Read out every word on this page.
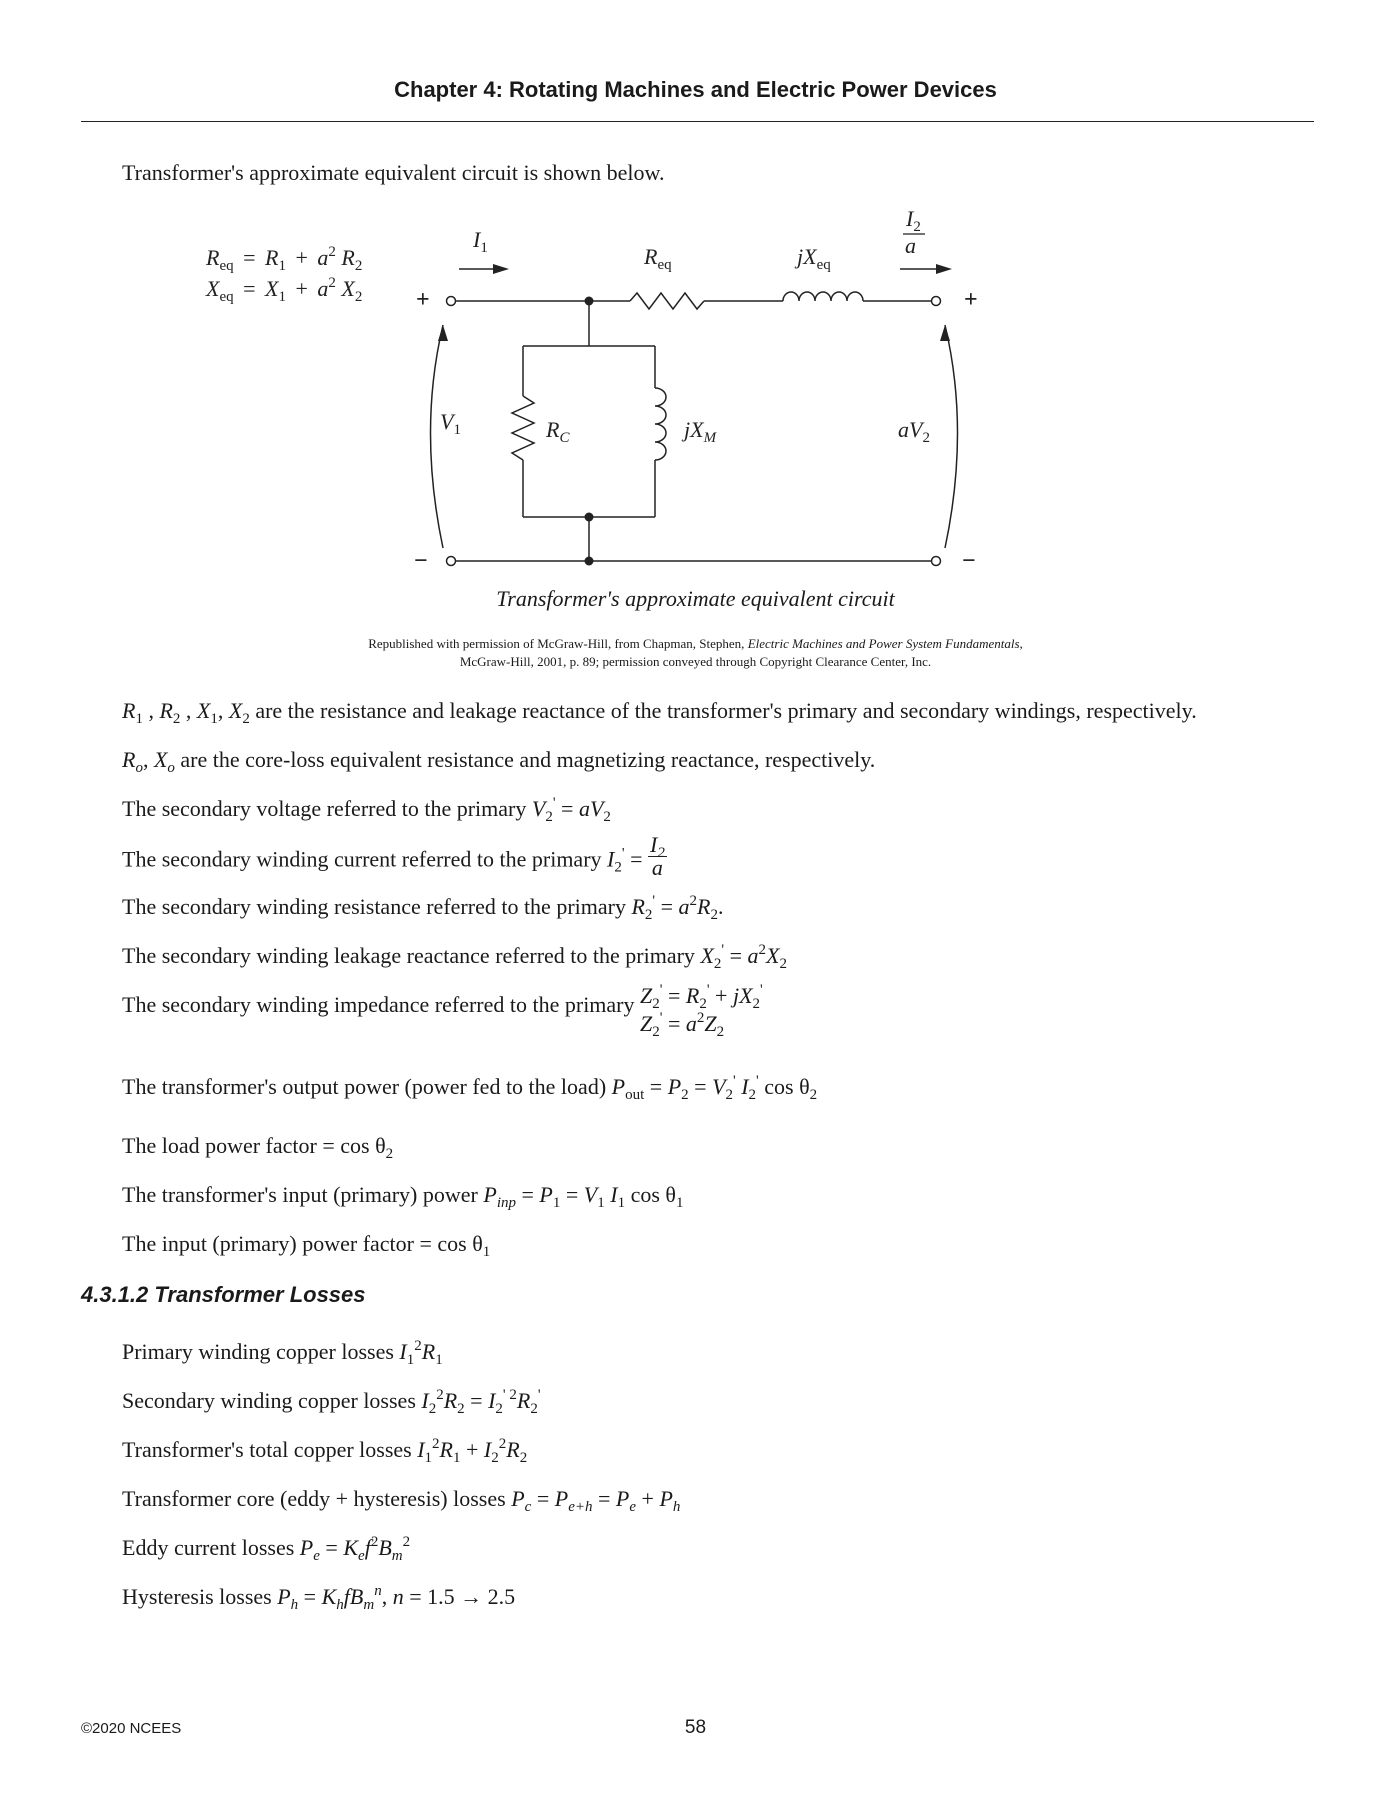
Chapter 4: Rotating Machines and Electric Power Devices
Transformer's approximate equivalent circuit is shown below.
+	+
−	−
$R_{eq} = R_1 + a^2$ $R_2$
$X_{eq} = X_1 + a^2$ $X_2$
$I_1$	$R_{eq}$	$jX_{eq}$
$I_2$
a
$V_1$	$R_C$	$jX_M$	$aV_2$
Transformer's approximate equivalent circuit
Republished with permission of McGraw-Hill, from Chapman, Stephen, Electric Machines and Power System Fundamentals,
McGraw-Hill, 2001, p. 89; permission conveyed through Copyright Clearance Center, Inc.
$R_1$ , $R_2$ , $X_1$, $X_2$ are the resistance and leakage reactance of the transformer's primary and secondary windings, respectively.
$R_o$, $X_o$ are the core-loss equivalent resistance and magnetizing reactance, respectively.
The secondary voltage referred to the primary $V_2' = aV_2$
The secondary winding current referred to the primary $I_2' = \frac{I_2}{a}$
The secondary winding resistance referred to the primary $R_2' = a^2R_2$.
The secondary winding leakage reactance referred to the primary $X_2' = a^2X_2$
The secondary winding impedance referred to the primary $Z_2' = R_2' + jX_2'$
$Z_2' = a^2Z_2$
The transformer's output power (power fed to the load) $P_{out} = P_2 = V_2'$ $I_2'$ $\cos \theta_2$
The load power factor = $\cos \theta_2$
The transformer's input (primary) power $P_{inp} = P_1 = V_1$ $I_1$ $\cos \theta_1$
The input (primary) power factor = $\cos \theta_1$
4.3.1.2 Transformer Losses
Primary winding copper losses $I_1^2R_1$
Secondary winding copper losses $I_2^2R_2 = I_2^{' 2}R_2'$
Transformer's total copper losses $I_1^2R_1 + I_2^2R_2$
Transformer core (eddy + hysteresis) losses $P_c = P_{e+h} = P_e + P_h$
Eddy current losses $P_e = K_ef^2B_m^2$
Hysteresis losses $P_h = K_hfB_m^n$, n = 1.5 → 2.5
©2020 NCEES	58
